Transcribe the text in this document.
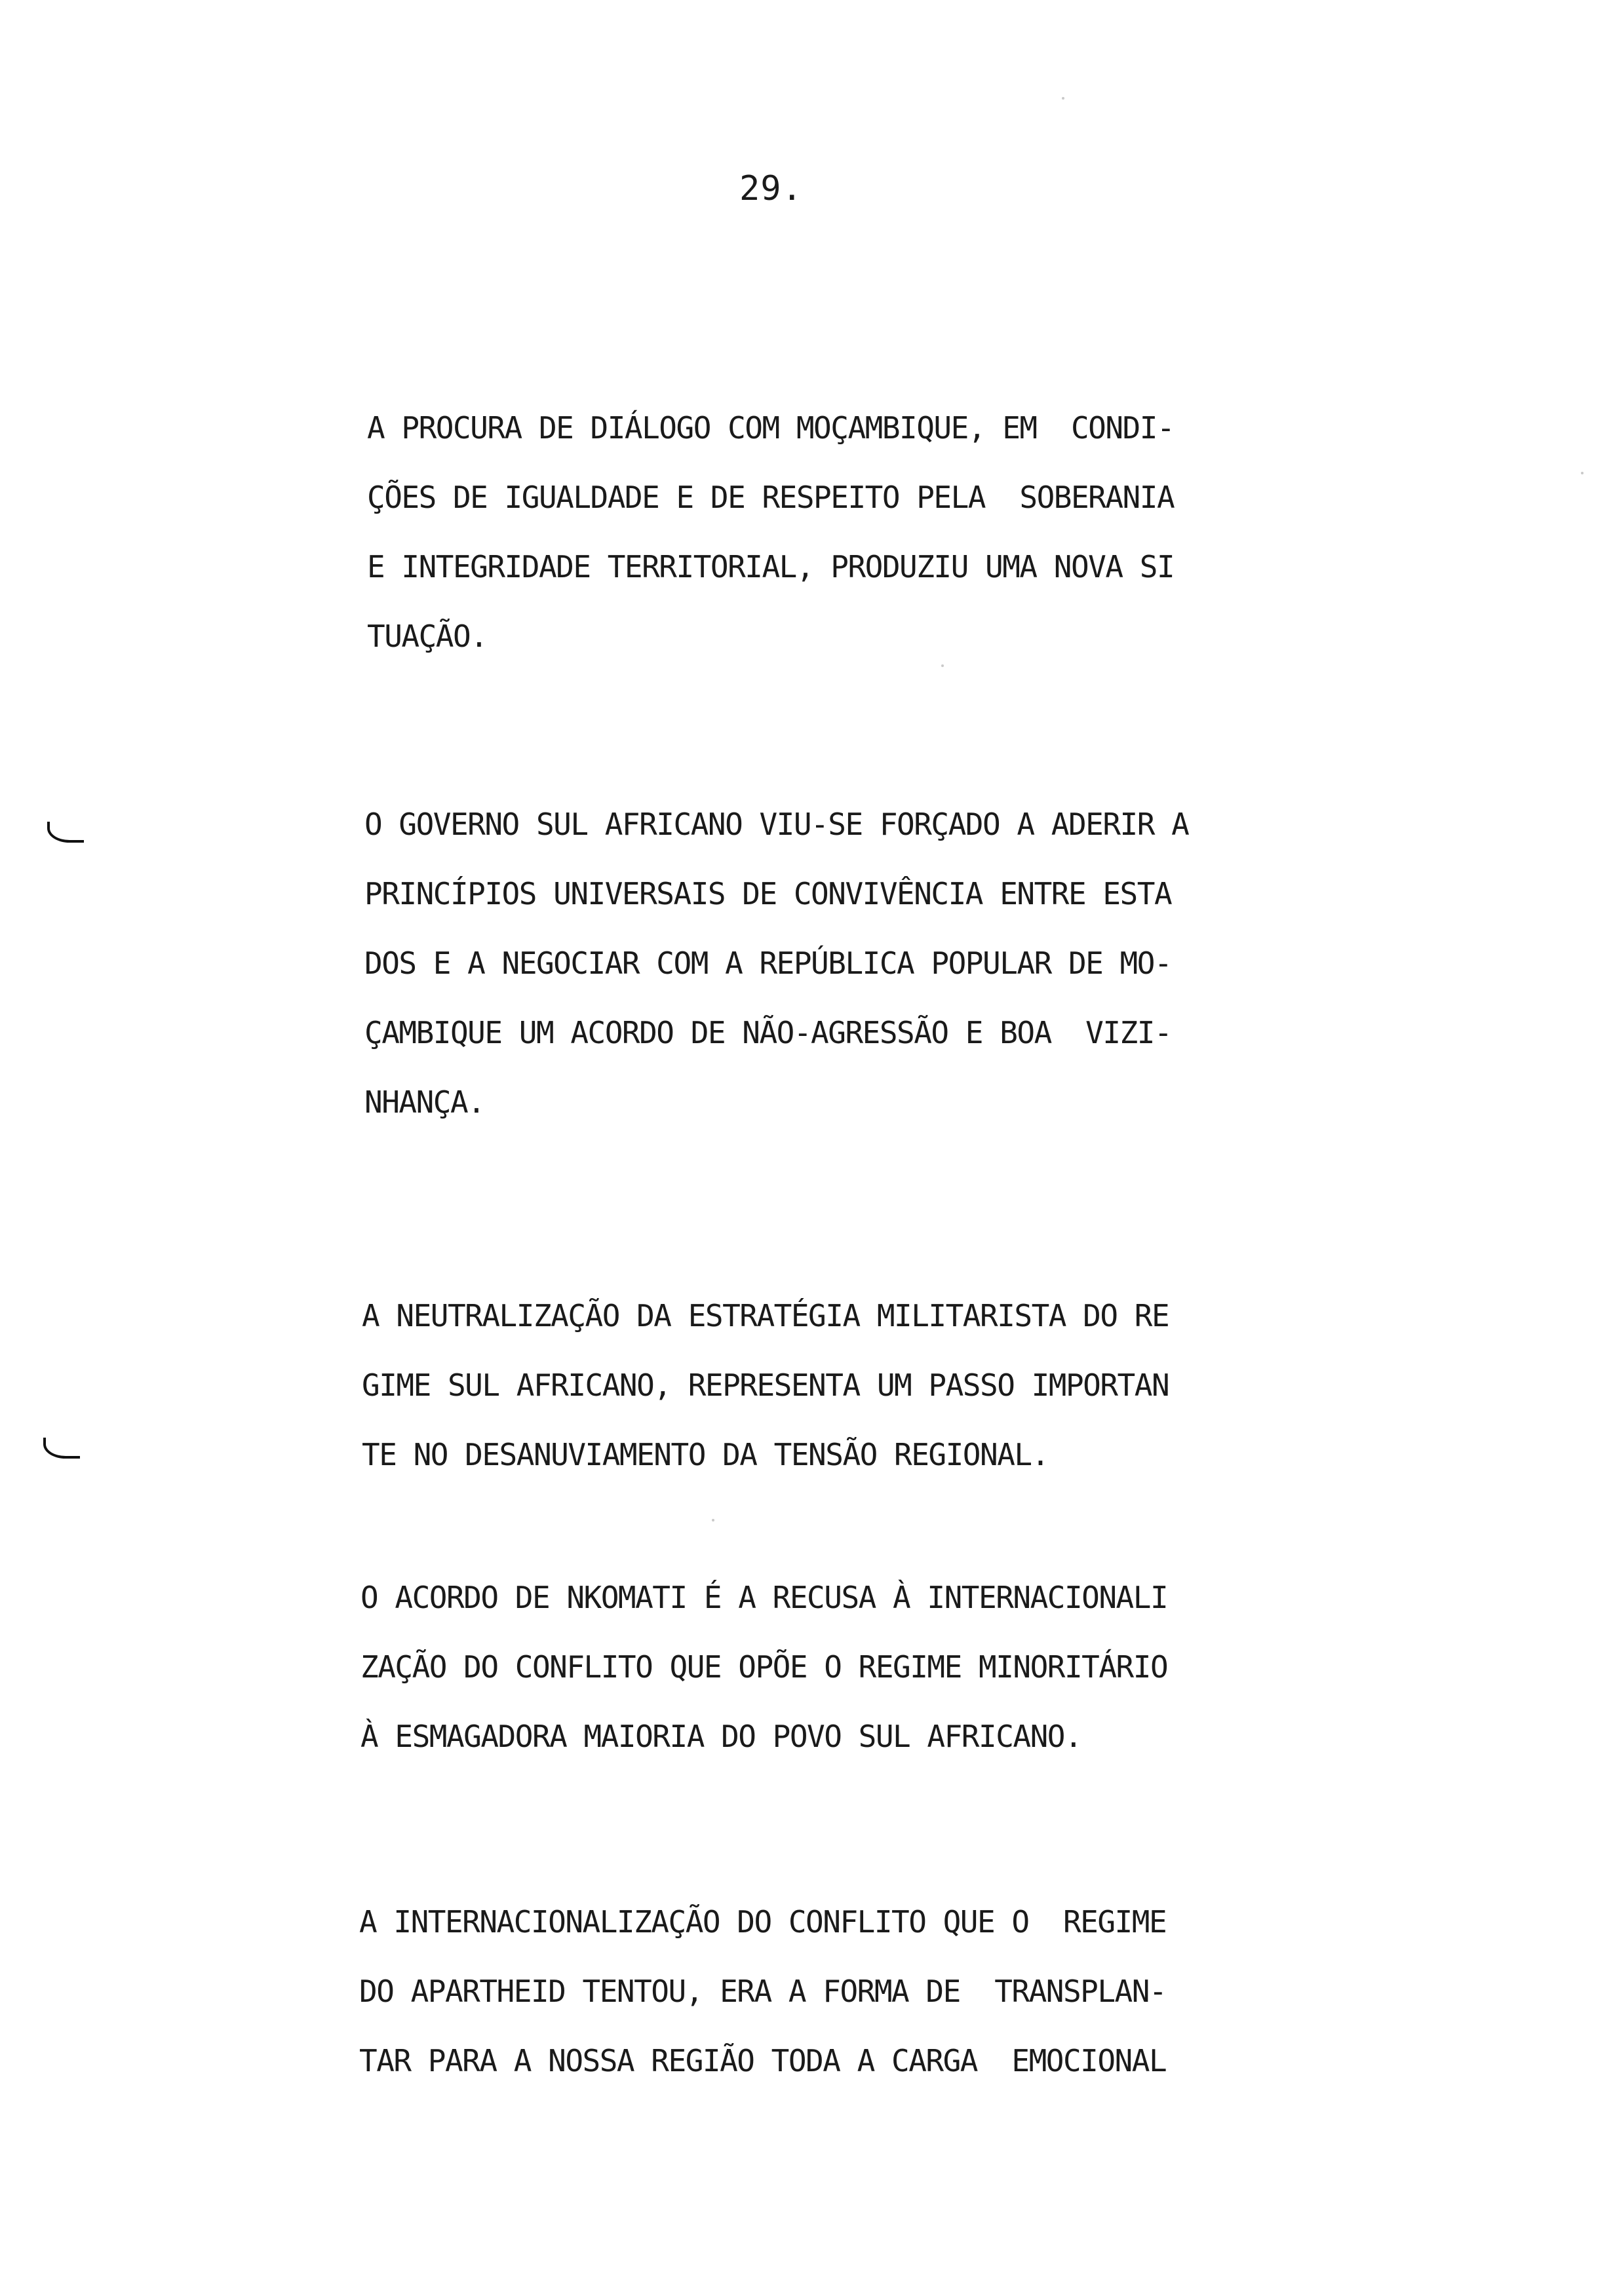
29.
A PROCURA DE DIÁLOGO COM MOÇAMBIQUE, EM  CONDI-
ÇÕES DE IGUALDADE E DE RESPEITO PELA  SOBERANIA
E INTEGRIDADE TERRITORIAL, PRODUZIU UMA NOVA SI
TUAÇÃO.
O GOVERNO SUL AFRICANO VIU-SE FORÇADO A ADERIR A
PRINCÍPIOS UNIVERSAIS DE CONVIVÊNCIA ENTRE ESTA
DOS E A NEGOCIAR COM A REPÚBLICA POPULAR DE MO-
ÇAMBIQUE UM ACORDO DE NÃO-AGRESSÃO E BOA  VIZI-
NHANÇA.
A NEUTRALIZAÇÃO DA ESTRATÉGIA MILITARISTA DO RE
GIME SUL AFRICANO, REPRESENTA UM PASSO IMPORTAN
TE NO DESANUVIAMENTO DA TENSÃO REGIONAL.
O ACORDO DE NKOMATI É A RECUSA À INTERNACIONALI
ZAÇÃO DO CONFLITO QUE OPÕE O REGIME MINORITÁRIO
À ESMAGADORA MAIORIA DO POVO SUL AFRICANO.
A INTERNACIONALIZAÇÃO DO CONFLITO QUE O  REGIME
DO APARTHEID TENTOU, ERA A FORMA DE  TRANSPLAN-
TAR PARA A NOSSA REGIÃO TODA A CARGA  EMOCIONAL
